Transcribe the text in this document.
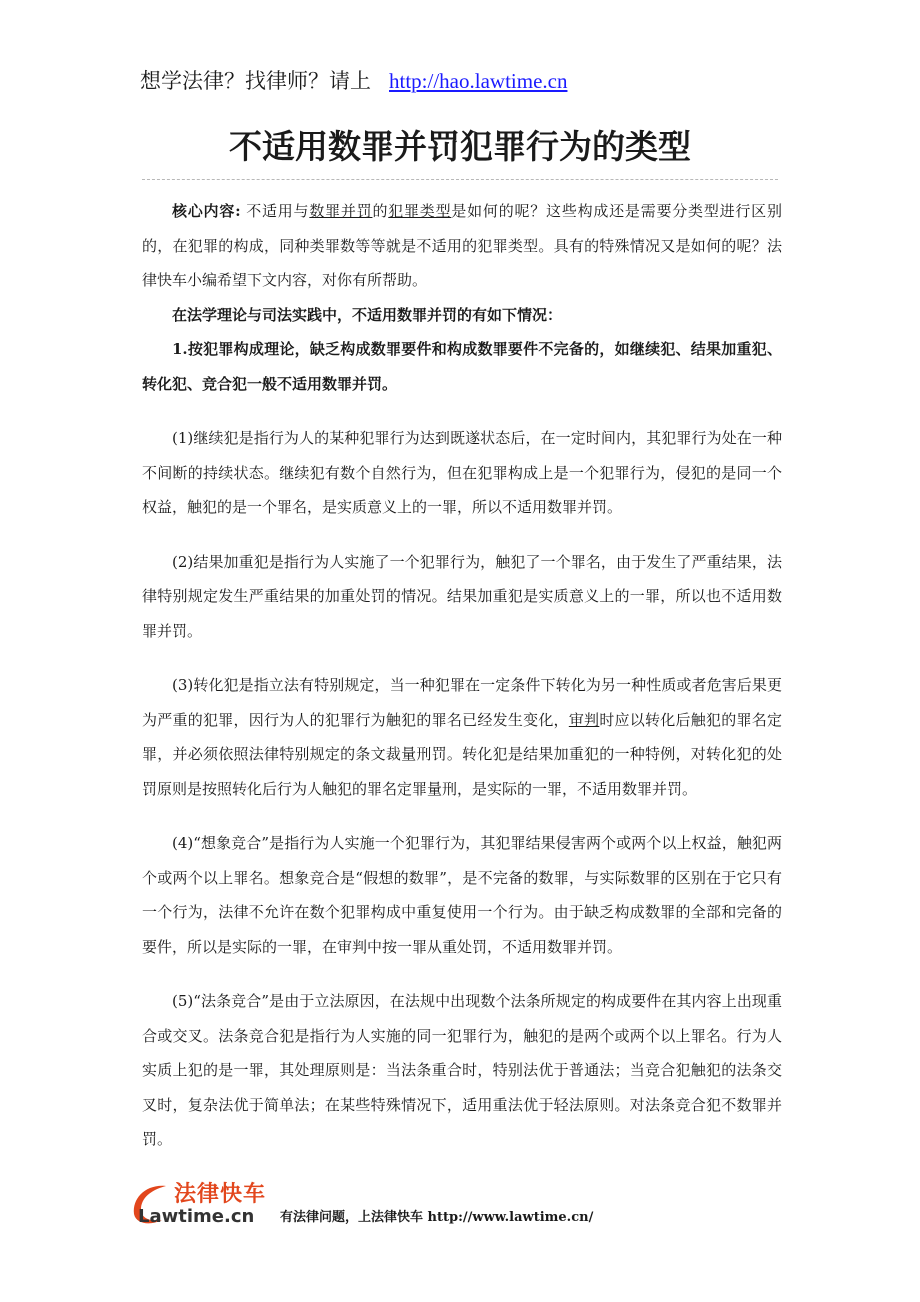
想学法律？找律师？请上 http://hao.lawtime.cn
不适用数罪并罚犯罪行为的类型

核心内容: 不适用与数罪并罚的犯罪类型是如何的呢？这些构成还是需要分类型进行区别的，在犯罪的构成，同种类罪数等等就是不适用的犯罪类型。具有的特殊情况又是如何的呢？法律快车小编希望下文内容，对你有所帮助。

在法学理论与司法实践中，不适用数罪并罚的有如下情况：

1.按犯罪构成理论，缺乏构成数罪要件和构成数罪要件不完备的，如继续犯、结果加重犯、转化犯、竞合犯一般不适用数罪并罚。

(1)继续犯是指行为人的某种犯罪行为达到既遂状态后，在一定时间内，其犯罪行为处在一种不间断的持续状态。继续犯有数个自然行为，但在犯罪构成上是一个犯罪行为，侵犯的是同一个权益，触犯的是一个罪名，是实质意义上的一罪，所以不适用数罪并罚。

(2)结果加重犯是指行为人实施了一个犯罪行为，触犯了一个罪名，由于发生了严重结果，法律特别规定发生严重结果的加重处罚的情况。结果加重犯是实质意义上的一罪，所以也不适用数罪并罚。

(3)转化犯是指立法有特别规定，当一种犯罪在一定条件下转化为另一种性质或者危害后果更为严重的犯罪，因行为人的犯罪行为触犯的罪名已经发生变化，审判时应以转化后触犯的罪名定罪，并必须依照法律特别规定的条文裁量刑罚。转化犯是结果加重犯的一种特例，对转化犯的处罚原则是按照转化后行为人触犯的罪名定罪量刑，是实际的一罪，不适用数罪并罚。

(4)“想象竞合”是指行为人实施一个犯罪行为，其犯罪结果侵害两个或两个以上权益，触犯两个或两个以上罪名。想象竞合是“假想的数罪”，是不完备的数罪，与实际数罪的区别在于它只有一个行为，法律不允许在数个犯罪构成中重复使用一个行为。由于缺乏构成数罪的全部和完备的要件，所以是实际的一罪，在审判中按一罪从重处罚，不适用数罪并罚。

(5)“法条竞合”是由于立法原因，在法规中出现数个法条所规定的构成要件在其内容上出现重合或交叉。法条竞合犯是指行为人实施的同一犯罪行为，触犯的是两个或两个以上罪名。行为人实质上犯的是一罪，其处理原则是：当法条重合时，特别法优于普通法；当竞合犯触犯的法条交叉时，复杂法优于简单法；在某些特殊情况下，适用重法优于轻法原则。对法条竞合犯不数罪并罚。

法律快车
Lawtime.cn 有法律问题，上法律快车 http://www.lawtime.cn/
